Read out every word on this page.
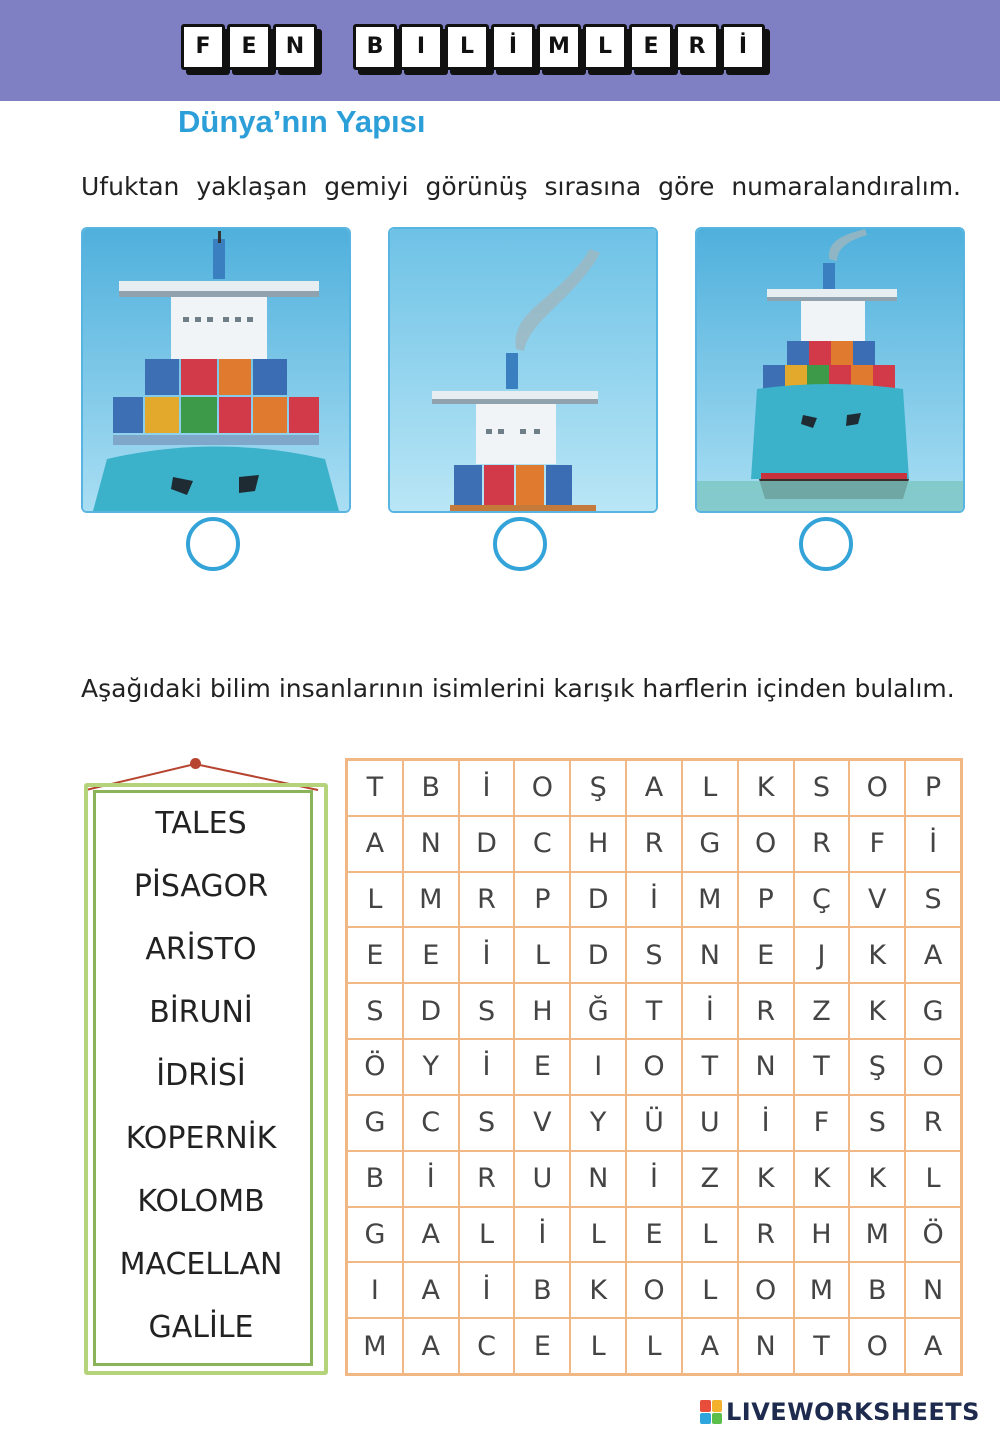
F	E	N	B	I	L	İ	M	L	E	R	İ
Dünya’nın Yapısı
Ufuktan yaklaşan gemiyi görünüş sırasına göre numaralandıralım.
Aşağıdaki bilim insanlarının isimlerini karışık harflerin içinden bulalım.
TALES
PİSAGOR
ARİSTO
BİRUNİ
İDRİSİ
KOPERNİK
KOLOMB
MACELLAN
GALİLE
T	B	İ	O	Ş	A	L	K	S	O	P
A	N	D	C	H	R	G	O	R	F	İ
L	M	R	P	D	İ	M	P	Ç	V	S
E	E	İ	L	D	S	N	E	J	K	A
S	D	S	H	Ğ	T	İ	R	Z	K	G
Ö	Y	İ	E	I	O	T	N	T	Ş	O
G	C	S	V	Y	Ü	U	İ	F	S	R
B	İ	R	U	N	İ	Z	K	K	K	L
G	A	L	İ	L	E	L	R	H	M	Ö
I	A	İ	B	K	O	L	O	M	B	N
M	A	C	E	L	L	A	N	T	O	A
LIVEWORKSHEETS
